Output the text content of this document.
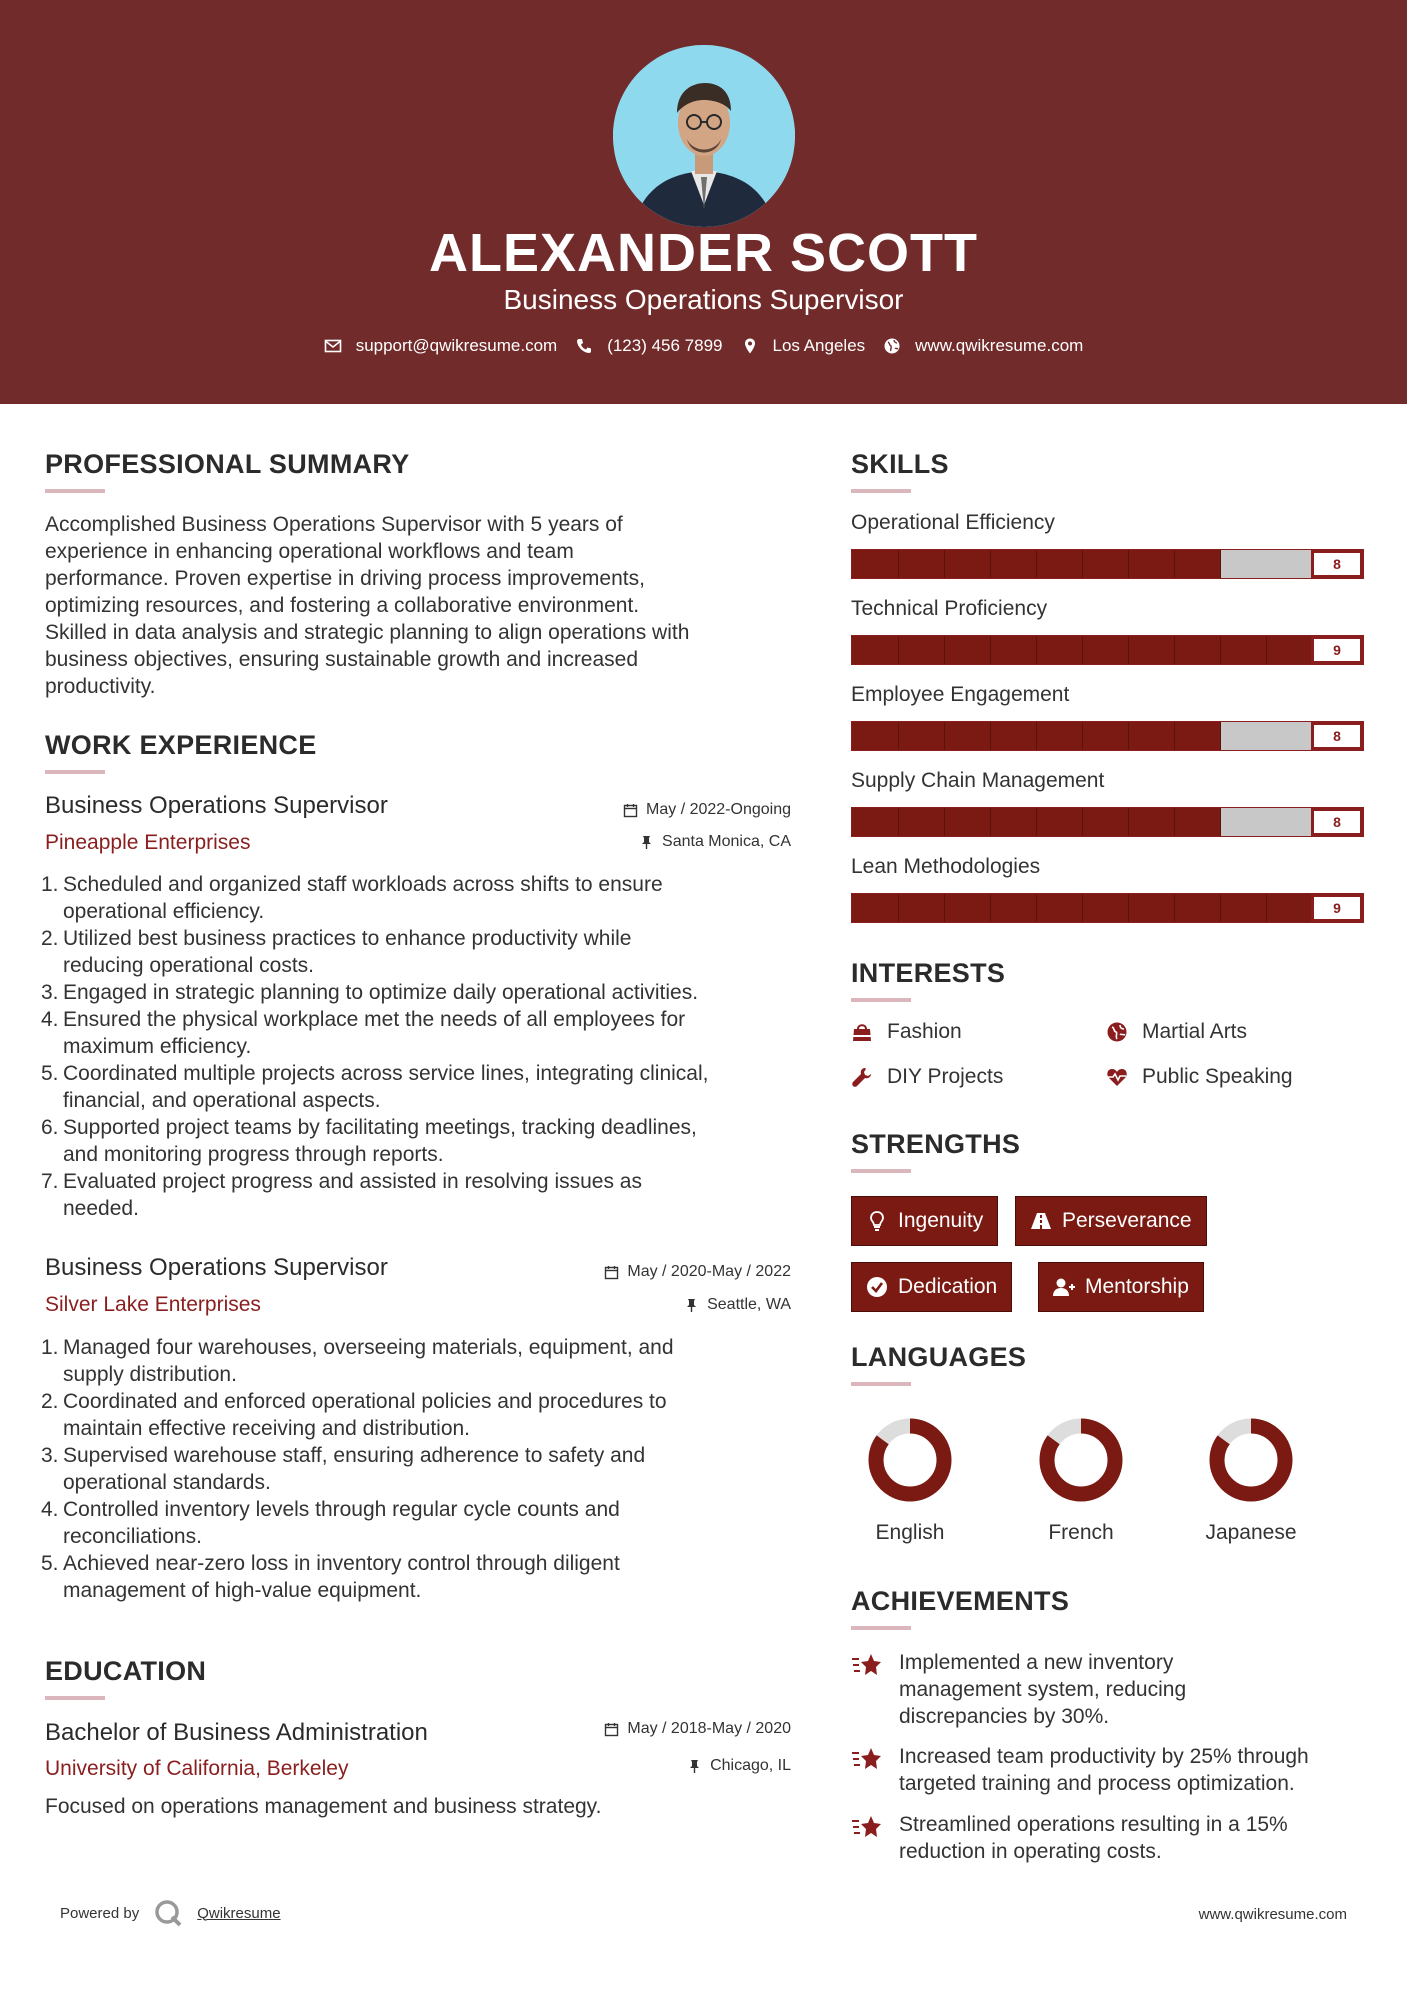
ALEXANDER SCOTT
Business Operations Supervisor
support@qwikresume.com	(123) 456 7899	Los Angeles	www.qwikresume.com
PROFESSIONAL SUMMARY
Accomplished Business Operations Supervisor with 5 years of
experience in enhancing operational workflows and team
performance. Proven expertise in driving process improvements,
optimizing resources, and fostering a collaborative environment.
Skilled in data analysis and strategic planning to align operations with
business objectives, ensuring sustainable growth and increased
productivity.
WORK EXPERIENCE
Business Operations Supervisor	May / 2022-Ongoing
Pineapple Enterprises	Santa Monica, CA
1. Scheduled and organized staff workloads across shifts to ensure
operational efficiency.
2. Utilized best business practices to enhance productivity while
reducing operational costs.
3. Engaged in strategic planning to optimize daily operational activities.
4. Ensured the physical workplace met the needs of all employees for
maximum efficiency.
5. Coordinated multiple projects across service lines, integrating clinical,
financial, and operational aspects.
6. Supported project teams by facilitating meetings, tracking deadlines,
and monitoring progress through reports.
7. Evaluated project progress and assisted in resolving issues as
needed.
Business Operations Supervisor	May / 2020-May / 2022
Silver Lake Enterprises	Seattle, WA
1. Managed four warehouses, overseeing materials, equipment, and
supply distribution.
2. Coordinated and enforced operational policies and procedures to
maintain effective receiving and distribution.
3. Supervised warehouse staff, ensuring adherence to safety and
operational standards.
4. Controlled inventory levels through regular cycle counts and
reconciliations.
5. Achieved near-zero loss in inventory control through diligent
management of high-value equipment.
EDUCATION
Bachelor of Business Administration	May / 2018-May / 2020
University of California, Berkeley	Chicago, IL
Focused on operations management and business strategy.
SKILLS
Operational Efficiency
8
Technical Proficiency
9
Employee Engagement
8
Supply Chain Management
8
Lean Methodologies
9
INTERESTS
Fashion	Martial Arts
DIY Projects	Public Speaking
STRENGTHS
Ingenuity	Perseverance
Dedication	Mentorship
LANGUAGES
English	French	Japanese
ACHIEVEMENTS
Implemented a new inventory
management system, reducing
discrepancies by 30%.
Increased team productivity by 25% through
targeted training and process optimization.
Streamlined operations resulting in a 15%
reduction in operating costs.
Powered by	Qwikresume	www.qwikresume.com
